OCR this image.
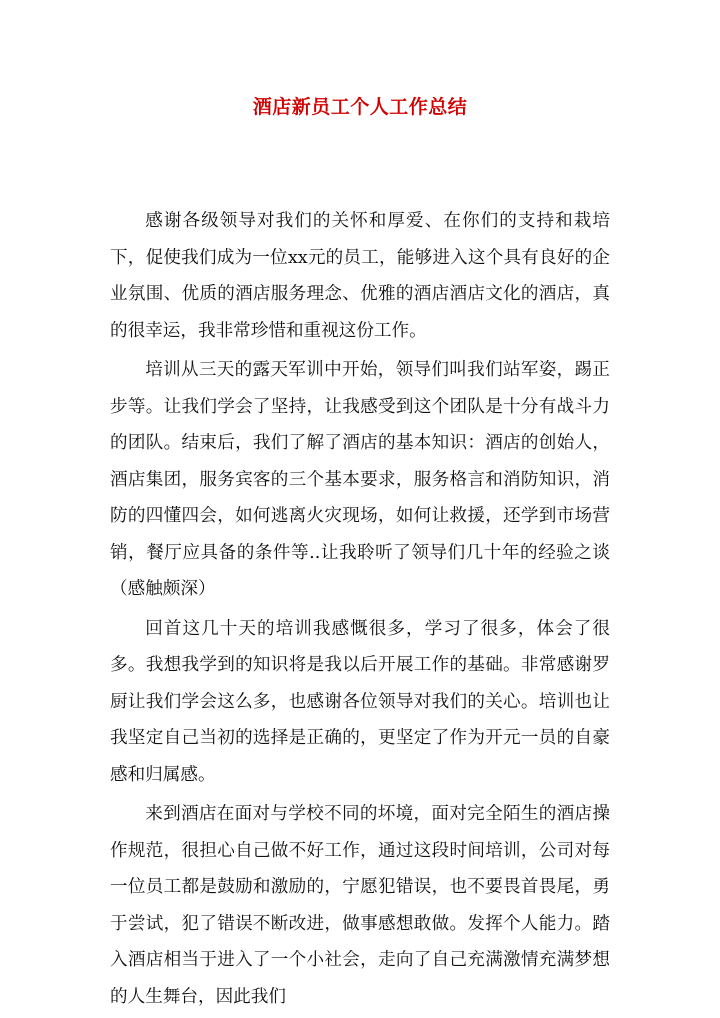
酒店新员工个人工作总结

感谢各级领导对我们的关怀和厚爱、在你们的支持和栽培下，促使我们成为一位xx元的员工，能够进入这个具有良好的企业氛围、优质的酒店服务理念、优雅的酒店酒店文化的酒店，真的很幸运，我非常珍惜和重视这份工作。

培训从三天的露天军训中开始，领导们叫我们站军姿，踢正步等。让我们学会了坚持，让我感受到这个团队是十分有战斗力的团队。结束后，我们了解了酒店的基本知识：酒店的创始人，酒店集团，服务宾客的三个基本要求，服务格言和消防知识，消防的四懂四会，如何逃离火灾现场，如何让救援，还学到市场营销，餐厅应具备的条件等..让我聆听了领导们几十年的经验之谈（感触颇深）

回首这几十天的培训我感慨很多，学习了很多，体会了很多。我想我学到的知识将是我以后开展工作的基础。非常感谢罗厨让我们学会这么多，也感谢各位领导对我们的关心。培训也让我坚定自己当初的选择是正确的，更坚定了作为开元一员的自豪感和归属感。

来到酒店在面对与学校不同的坏境，面对完全陌生的酒店操作规范，很担心自己做不好工作，通过这段时间培训，公司对每一位员工都是鼓励和激励的，宁愿犯错误，也不要畏首畏尾，勇于尝试，犯了错误不断改进，做事感想敢做。发挥个人能力。踏入酒店相当于进入了一个小社会，走向了自己充满激情充满梦想的人生舞台，因此我们
